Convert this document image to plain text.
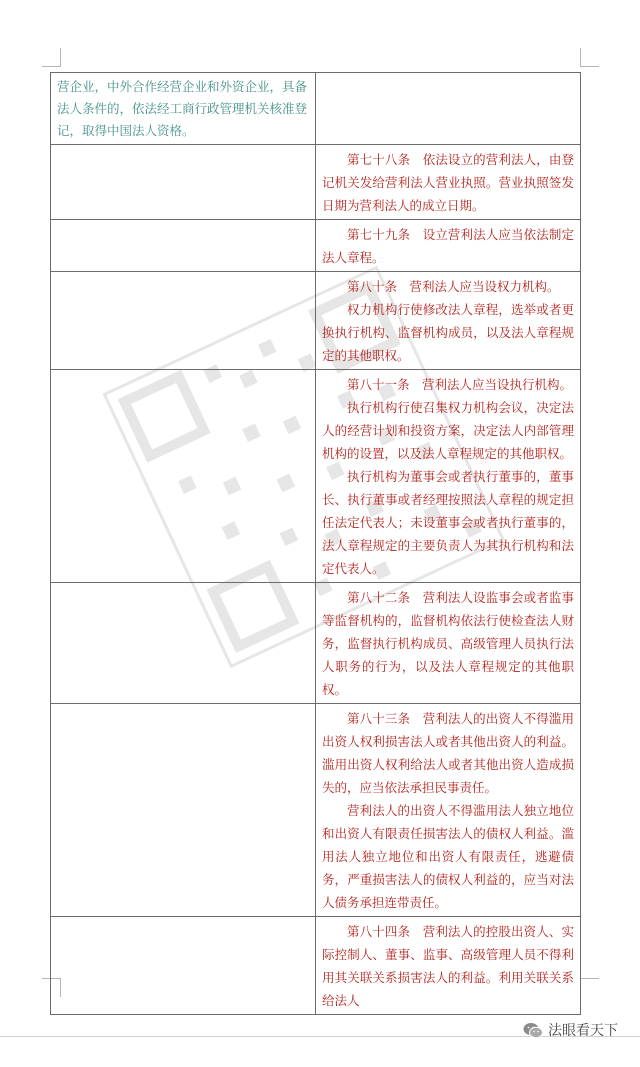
营企业，中外合作经营企业和外资企业，具备法人条件的，依法经工商行政管理机关核准登记，取得中国法人资格。	

	第七十八条　依法设立的营利法人，由登记机关发给营利法人营业执照。营业执照签发日期为营利法人的成立日期。

	第七十九条　设立营利法人应当依法制定法人章程。

	第八十条　营利法人应当设权力机构。

权力机构行使修改法人章程，选举或者更换执行机构、监督机构成员，以及法人章程规定的其他职权。

	第八十一条　营利法人应当设执行机构。

执行机构行使召集权力机构会议，决定法人的经营计划和投资方案，决定法人内部管理机构的设置，以及法人章程规定的其他职权。

执行机构为董事会或者执行董事的，董事长、执行董事或者经理按照法人章程的规定担任法定代表人；未设董事会或者执行董事的，法人章程规定的主要负责人为其执行机构和法定代表人。

	第八十二条　营利法人设监事会或者监事等监督机构的，监督机构依法行使检查法人财务，监督执行机构成员、高级管理人员执行法人职务的行为，以及法人章程规定的其他职权。

	第八十三条　营利法人的出资人不得滥用出资人权利损害法人或者其他出资人的利益。滥用出资人权利给法人或者其他出资人造成损失的，应当依法承担民事责任。

营利法人的出资人不得滥用法人独立地位和出资人有限责任损害法人的债权人利益。滥用法人独立地位和出资人有限责任，逃避债务，严重损害法人的债权人利益的，应当对法人债务承担连带责任。

	第八十四条　营利法人的控股出资人、实际控制人、董事、监事、高级管理人员不得利用其关联关系损害法人的利益。利用关联关系给法人

法眼看天下
